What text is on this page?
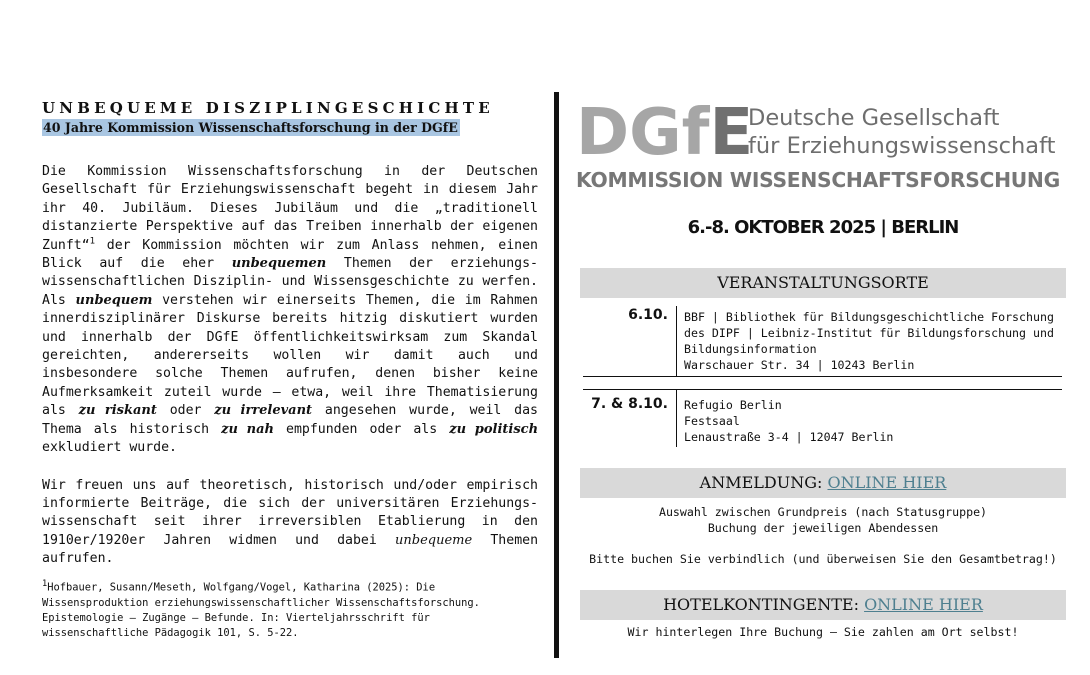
UNBEQUEME DISZIPLINGESCHICHTE
40 Jahre Kommission Wissenschaftsforschung in der DGfE

Die Kommission Wissenschaftsforschung in der Deutschen Gesellschaft für Erziehungswissenschaft begeht in diesem Jahr ihr 40. Jubiläum. Dieses Jubiläum und die „traditionell distanzierte Perspektive auf das Treiben innerhalb der eigenen Zunft“$^1$ der Kommission möchten wir zum Anlass nehmen, einen Blick auf die eher unbequemen Themen der erziehungswissenschaftlichen Disziplin- und Wissensgeschichte zu werfen. Als unbequem verstehen wir einerseits Themen, die im Rahmen innerdisziplinärer Diskurse bereits hitzig diskutiert wurden und innerhalb der DGfE öffentlichkeitswirksam zum Skandal gereichten, andererseits wollen wir damit auch und insbesondere solche Themen aufrufen, denen bisher keine Aufmerksamkeit zuteil wurde – etwa, weil ihre Thematisierung als zu riskant oder zu irrelevant angesehen wurde, weil das Thema als historisch zu nah empfunden oder als zu politisch exkludiert wurde.

Wir freuen uns auf theoretisch, historisch und/oder empirisch informierte Beiträge, die sich der universitären Erziehungswissenschaft seit ihrer irreversiblen Etablierung in den 1910er/1920er Jahren widmen und dabei unbequeme Themen aufrufen.

$^1$Hofbauer, Susann/Meseth, Wolfgang/Vogel, Katharina (2025): Die Wissensproduktion erziehungswissenschaftlicher Wissenschaftsforschung. Epistemologie – Zugänge – Befunde. In: Vierteljahrsschrift für wissenschaftliche Pädagogik 101, S. 5-22.
DGfE
Deutsche Gesellschaft
für Erziehungswissenschaft
KOMMISSION WISSENSCHAFTSFORSCHUNG
6.-8. OKTOBER 2025 | BERLIN
VERANSTALTUNGSORTE
6.10. BBF | Bibliothek für Bildungsgeschichtliche Forschung
des DIPF | Leibniz-Institut für Bildungsforschung und
Bildungsinformation
Warschauer Str. 34 | 10243 Berlin
7. & 8.10. Refugio Berlin
Festsaal
Lenaustraße 3-4 | 12047 Berlin
ANMELDUNG: ONLINE HIER
Auswahl zwischen Grundpreis (nach Statusgruppe)
Buchung der jeweiligen Abendessen
Bitte buchen Sie verbindlich (und überweisen Sie den Gesamtbetrag!)
HOTELKONTINGENTE: ONLINE HIER
Wir hinterlegen Ihre Buchung – Sie zahlen am Ort selbst!
